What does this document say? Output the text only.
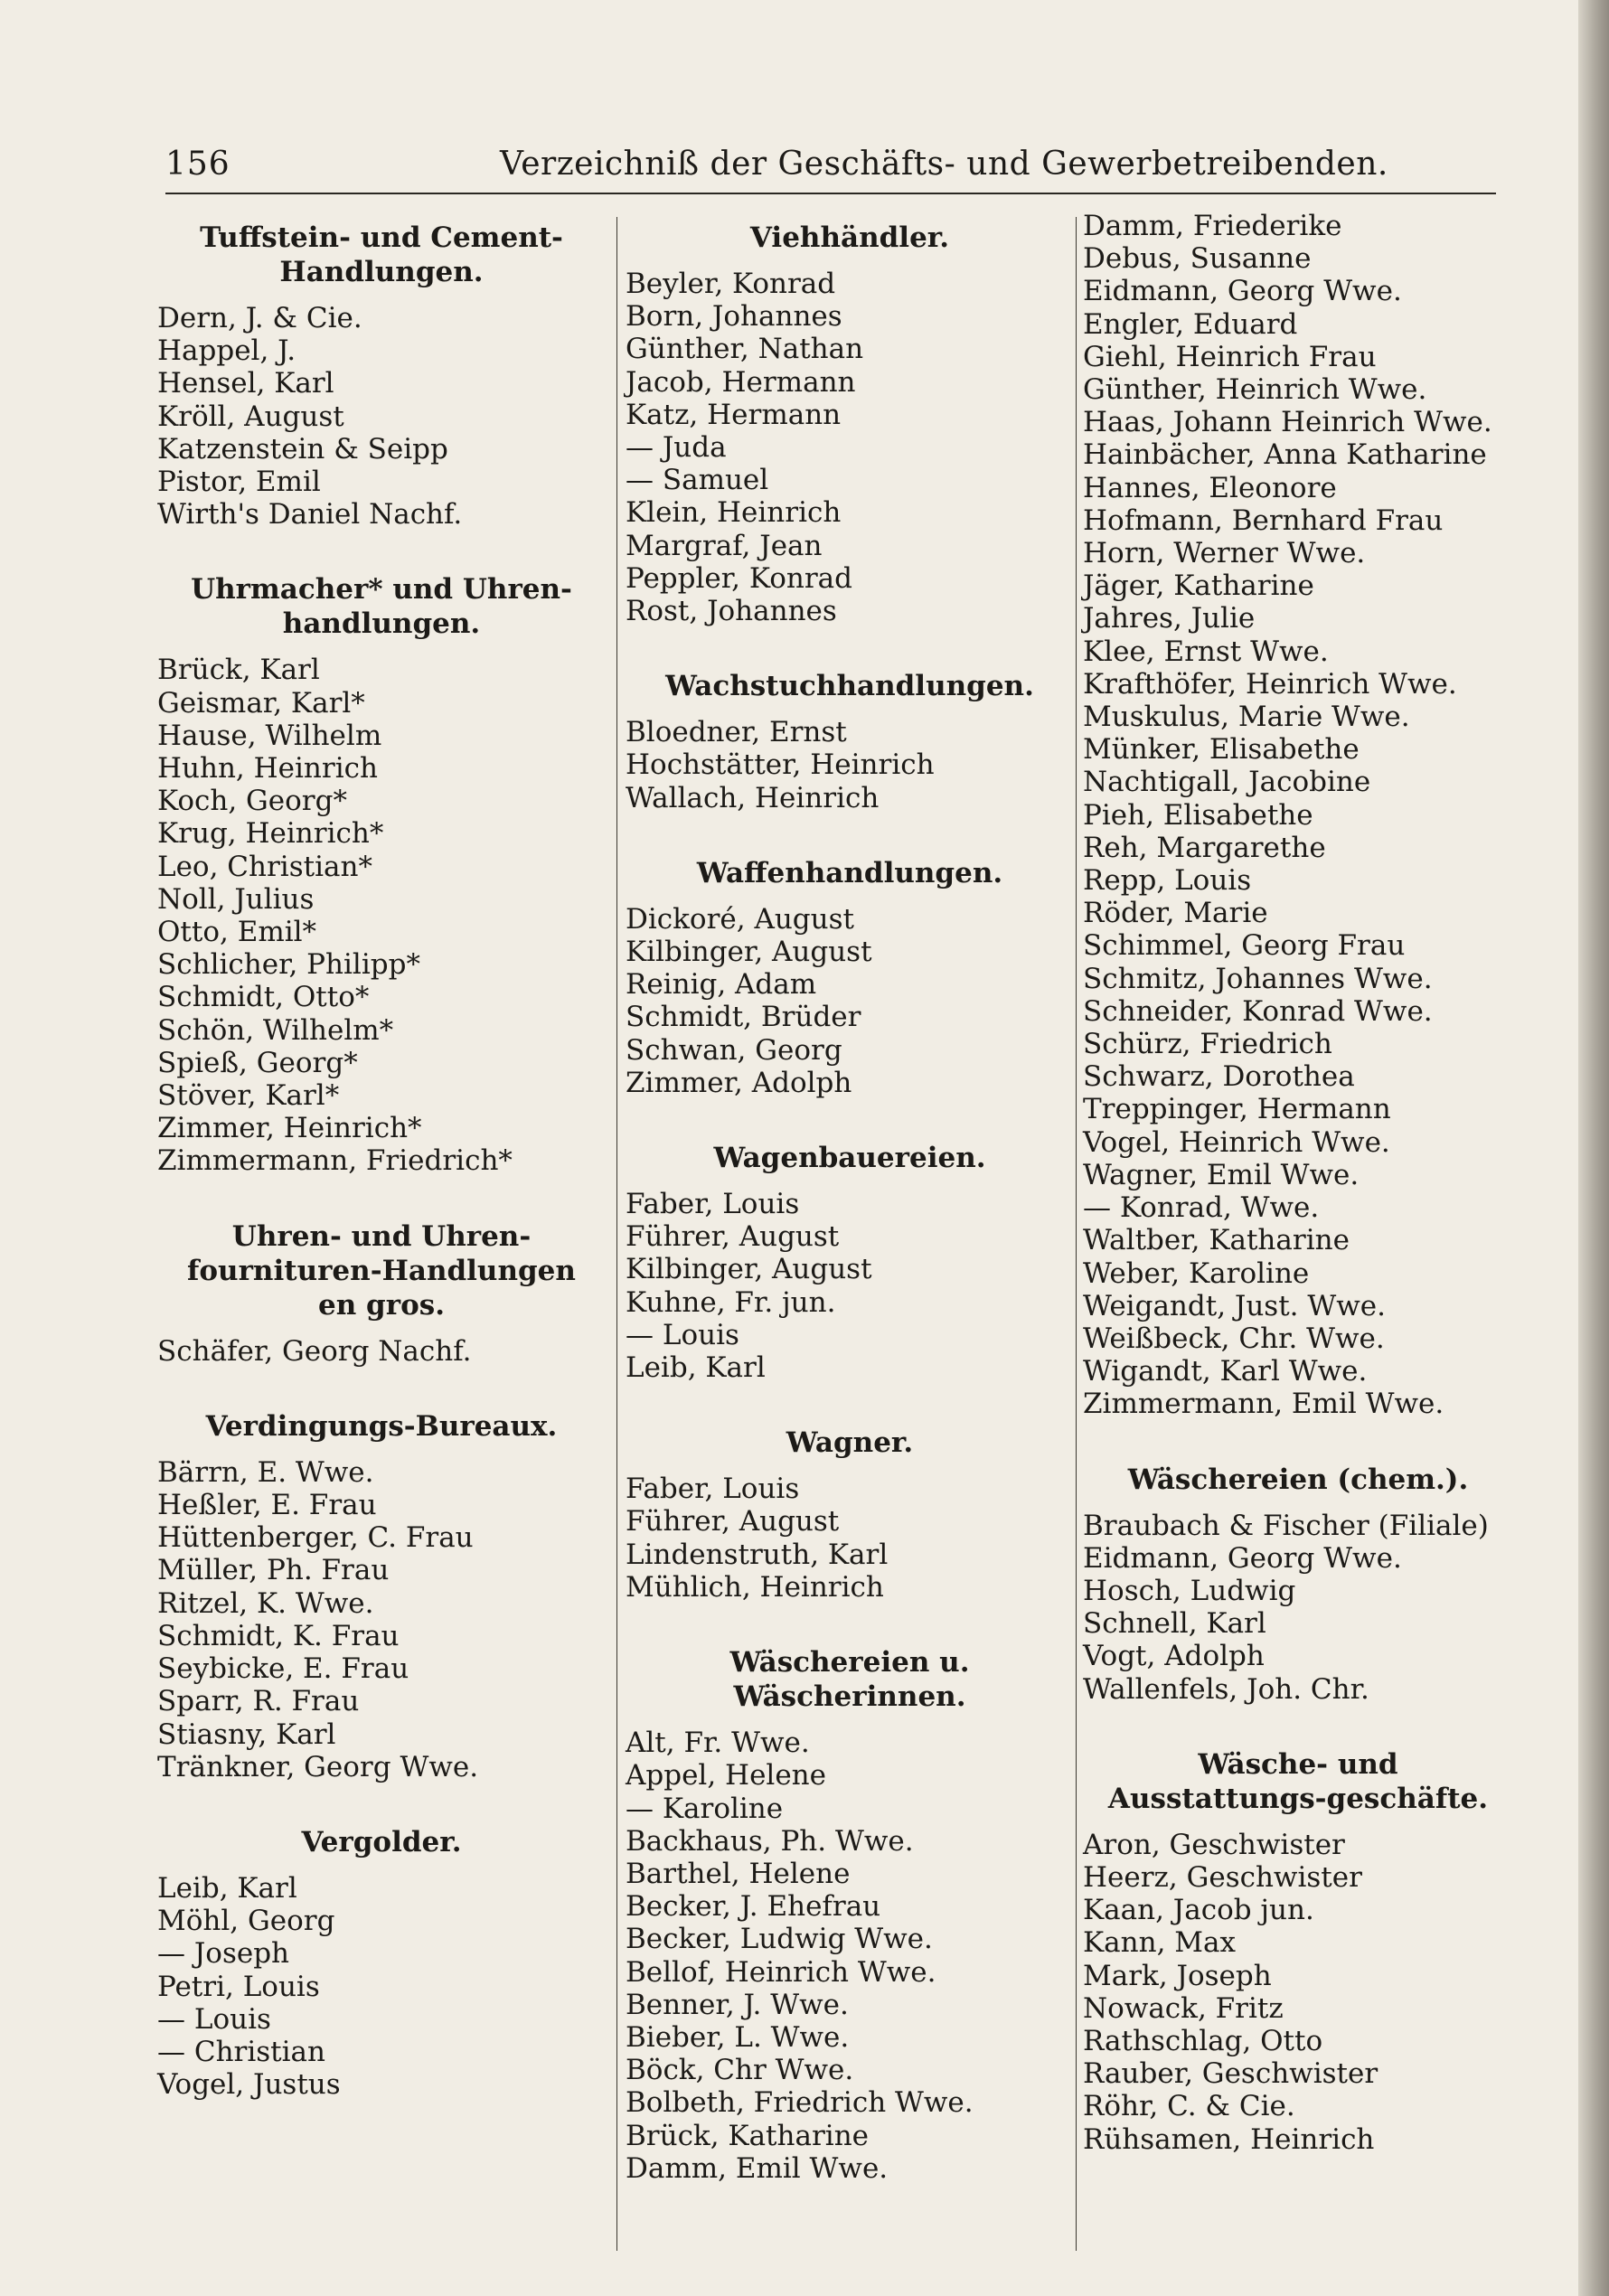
156	Verzeichniß der Geschäfts- und Gewerbetreibenden.
Tuffstein- und Cement-Handlungen.
Dern, J. & Cie.
Happel, J.
Hensel, Karl
Kröll, August
Katzenstein & Seipp
Pistor, Emil
Wirth's Daniel Nachf.
Uhrmacher* und Uhren-handlungen.
Brück, Karl
Geismar, Karl*
Hause, Wilhelm
Huhn, Heinrich
Koch, Georg*
Krug, Heinrich*
Leo, Christian*
Noll, Julius
Otto, Emil*
Schlicher, Philipp*
Schmidt, Otto*
Schön, Wilhelm*
Spieß, Georg*
Stöver, Karl*
Zimmer, Heinrich*
Zimmermann, Friedrich*
Uhren- und Uhren-fournituren-Handlungen en gros.
Schäfer, Georg Nachf.
Verdingungs-Bureaux.
Bärrn, E. Wwe.
Heßler, E. Frau
Hüttenberger, C. Frau
Müller, Ph. Frau
Ritzel, K. Wwe.
Schmidt, K. Frau
Seybicke, E. Frau
Sparr, R. Frau
Stiasny, Karl
Tränkner, Georg Wwe.
Vergolder.
Leib, Karl
Möhl, Georg
— Joseph
Petri, Louis
— Louis
— Christian
Vogel, Justus
Viehhändler.
Beyler, Konrad
Born, Johannes
Günther, Nathan
Jacob, Hermann
Katz, Hermann
— Juda
— Samuel
Klein, Heinrich
Margraf, Jean
Peppler, Konrad
Rost, Johannes
Wachstuchhandlungen.
Bloedner, Ernst
Hochstätter, Heinrich
Wallach, Heinrich
Waffenhandlungen.
Dickoré, August
Kilbinger, August
Reinig, Adam
Schmidt, Brüder
Schwan, Georg
Zimmer, Adolph
Wagenbauereien.
Faber, Louis
Führer, August
Kilbinger, August
Kuhne, Fr. jun.
— Louis
Leib, Karl
Wagner.
Faber, Louis
Führer, August
Lindenstruth, Karl
Mühlich, Heinrich
Wäschereien u. Wäscherinnen.
Alt, Fr. Wwe.
Appel, Helene
— Karoline
Backhaus, Ph. Wwe.
Barthel, Helene
Becker, J. Ehefrau
Becker, Ludwig Wwe.
Bellof, Heinrich Wwe.
Benner, J. Wwe.
Bieber, L. Wwe.
Böck, Chr Wwe.
Bolbeth, Friedrich Wwe.
Brück, Katharine
Damm, Emil Wwe.
Damm, Friederike
Debus, Susanne
Eidmann, Georg Wwe.
Engler, Eduard
Giehl, Heinrich Frau
Günther, Heinrich Wwe.
Haas, Johann Heinrich Wwe.
Hainbächer, Anna Katharine
Hannes, Eleonore
Hofmann, Bernhard Frau
Horn, Werner Wwe.
Jäger, Katharine
Jahres, Julie
Klee, Ernst Wwe.
Krafthöfer, Heinrich Wwe.
Muskulus, Marie Wwe.
Münker, Elisabethe
Nachtigall, Jacobine
Pieh, Elisabethe
Reh, Margarethe
Repp, Louis
Röder, Marie
Schimmel, Georg Frau
Schmitz, Johannes Wwe.
Schneider, Konrad Wwe.
Schürz, Friedrich
Schwarz, Dorothea
Treppinger, Hermann
Vogel, Heinrich Wwe.
Wagner, Emil Wwe.
— Konrad, Wwe.
Waltber, Katharine
Weber, Karoline
Weigandt, Just. Wwe.
Weißbeck, Chr. Wwe.
Wigandt, Karl Wwe.
Zimmermann, Emil Wwe.
Wäschereien (chem.).
Braubach & Fischer (Filiale)
Eidmann, Georg Wwe.
Hosch, Ludwig
Schnell, Karl
Vogt, Adolph
Wallenfels, Joh. Chr.
Wäsche- und Ausstattungs-geschäfte.
Aron, Geschwister
Heerz, Geschwister
Kaan, Jacob jun.
Kann, Max
Mark, Joseph
Nowack, Fritz
Rathschlag, Otto
Rauber, Geschwister
Röhr, C. & Cie.
Rühsamen, Heinrich
